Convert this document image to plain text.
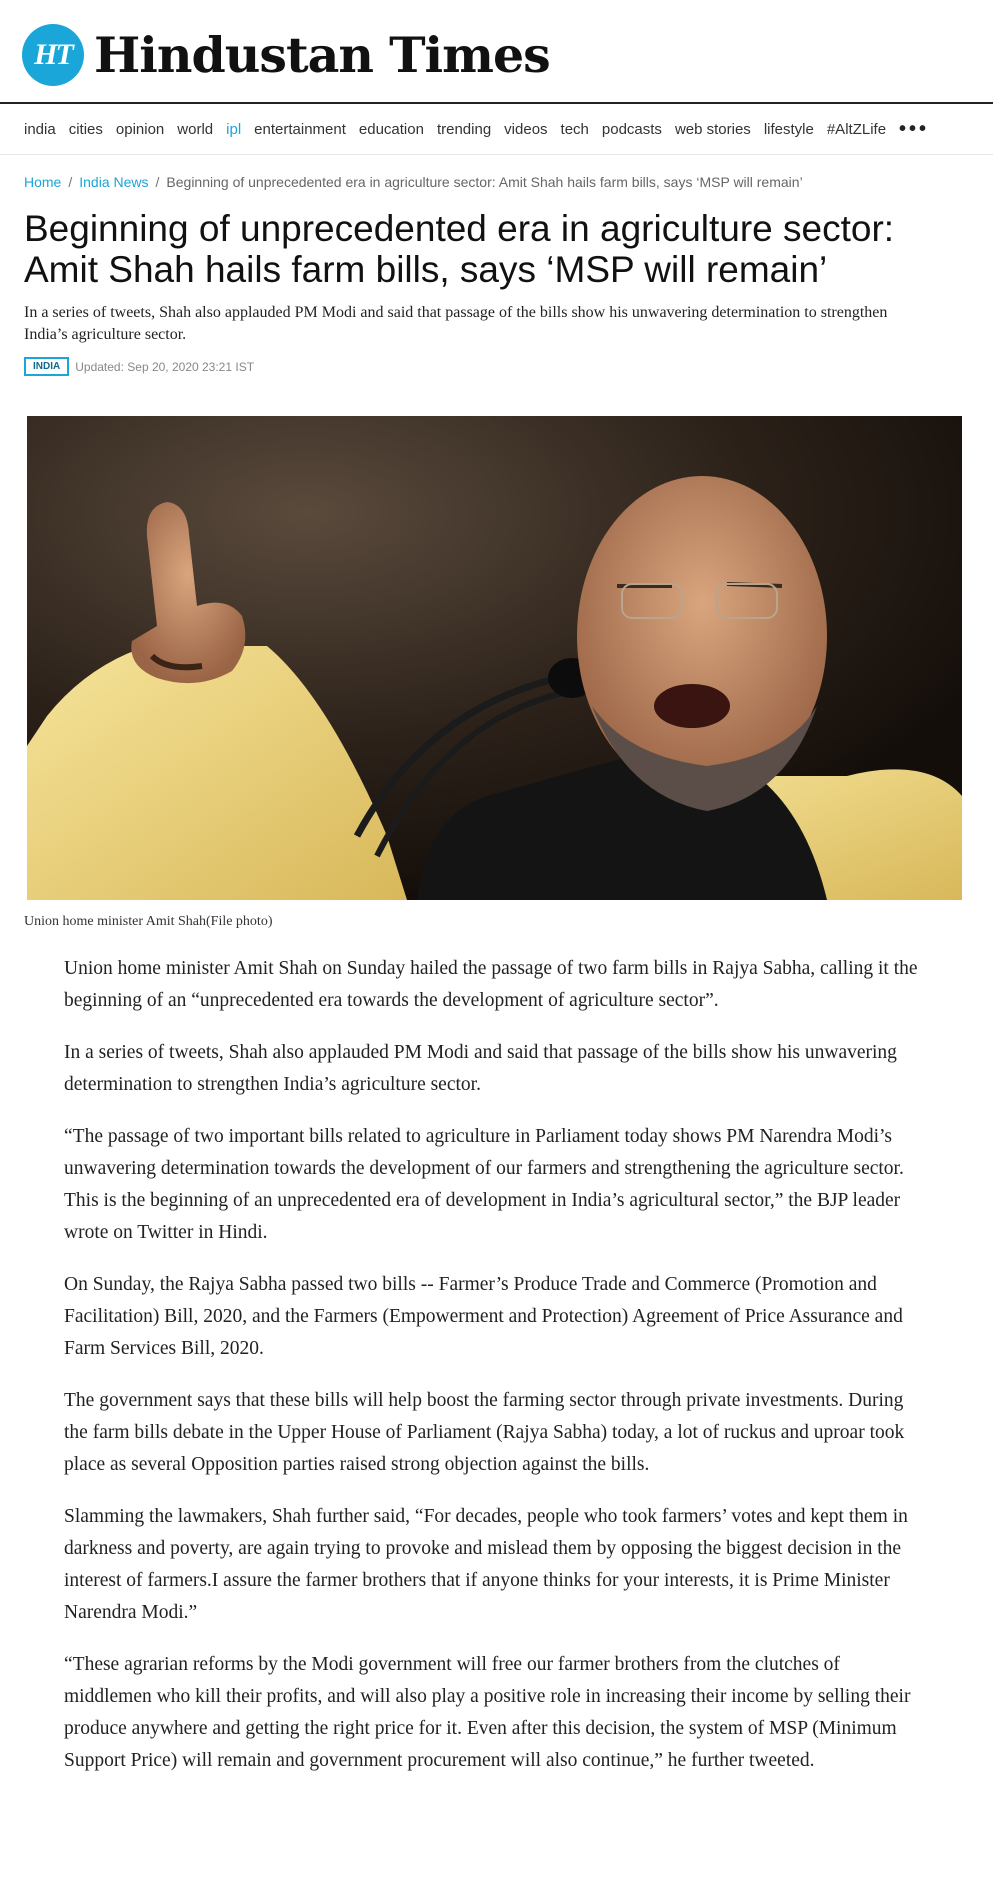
HT Hindustan Times
india cities opinion world ipl entertainment education trending videos tech podcasts web stories lifestyle #AltZLife •••
Home / India News / Beginning of unprecedented era in agriculture sector: Amit Shah hails farm bills, says ‘MSP will remain’
Beginning of unprecedented era in agriculture sector: Amit Shah hails farm bills, says ‘MSP will remain’
In a series of tweets, Shah also applauded PM Modi and said that passage of the bills show his unwavering determination to strengthen India’s agriculture sector.
INDIA	Updated: Sep 20, 2020 23:21 IST
Union home minister Amit Shah(File photo)

Union home minister Amit Shah on Sunday hailed the passage of two farm bills in Rajya Sabha, calling it the beginning of an “unprecedented era towards the development of agriculture sector”.

In a series of tweets, Shah also applauded PM Modi and said that passage of the bills show his unwavering determination to strengthen India’s agriculture sector.

“The passage of two important bills related to agriculture in Parliament today shows PM Narendra Modi’s unwavering determination towards the development of our farmers and strengthening the agriculture sector. This is the beginning of an unprecedented era of development in India’s agricultural sector,” the BJP leader wrote on Twitter in Hindi.

On Sunday, the Rajya Sabha passed two bills -- Farmer’s Produce Trade and Commerce (Promotion and Facilitation) Bill, 2020, and the Farmers (Empowerment and Protection) Agreement of Price Assurance and Farm Services Bill, 2020.

The government says that these bills will help boost the farming sector through private investments. During the farm bills debate in the Upper House of Parliament (Rajya Sabha) today, a lot of ruckus and uproar took place as several Opposition parties raised strong objection against the bills.

Slamming the lawmakers, Shah further said, “For decades, people who took farmers’ votes and kept them in darkness and poverty, are again trying to provoke and mislead them by opposing the biggest decision in the interest of farmers.I assure the farmer brothers that if anyone thinks for your interests, it is Prime Minister Narendra Modi.”

“These agrarian reforms by the Modi government will free our farmer brothers from the clutches of middlemen who kill their profits, and will also play a positive role in increasing their income by selling their produce anywhere and getting the right price for it. Even after this decision, the system of MSP (Minimum Support Price) will remain and government procurement will also continue,” he further tweeted.
